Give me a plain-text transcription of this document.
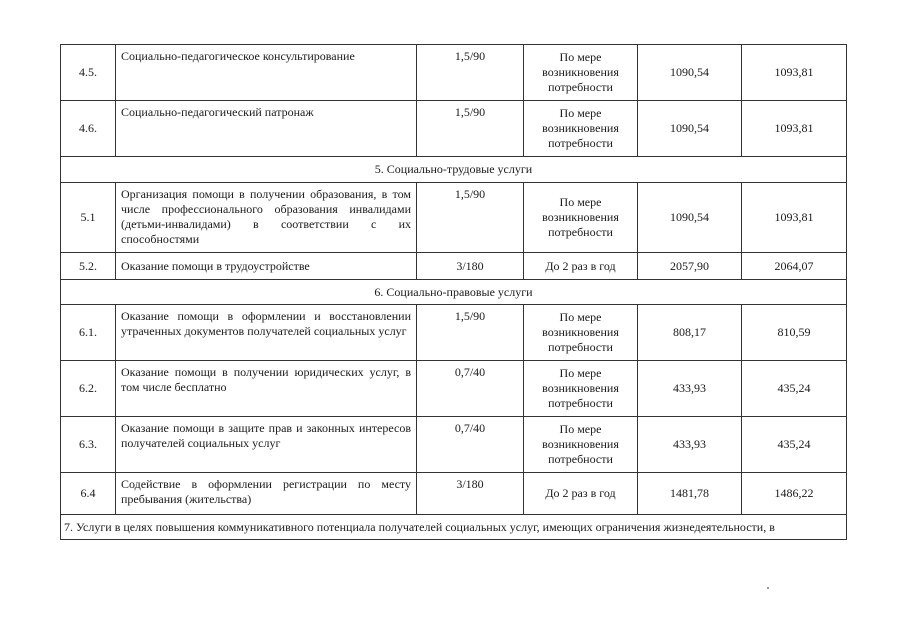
4.5.	Социально-педагогическое консультирование	1,5/90	По мере возникновения потребности	1090,54	1093,81
4.6.	Социально-педагогический патронаж	1,5/90	По мере возникновения потребности	1090,54	1093,81
5. Социально-трудовые услуги					
5.1	Организация помощи в получении образования, в том числе профессионального образования инвалидами (детьми-инвалидами) в соответствии с их способностями	1,5/90	По мере возникновения потребности	1090,54	1093,81
5.2.	Оказание помощи в трудоустройстве	3/180	До 2 раз в год	2057,90	2064,07
6. Социально-правовые услуги					
6.1.	Оказание помощи в оформлении и восстановлении утраченных документов получателей социальных услуг	1,5/90	По мере возникновения потребности	808,17	810,59
6.2.	Оказание помощи в получении юридических услуг, в том числе бесплатно	0,7/40	По мере возникновения потребности	433,93	435,24
6.3.	Оказание помощи в защите прав и законных интересов получателей социальных услуг	0,7/40	По мере возникновения потребности	433,93	435,24
6.4	Содействие в оформлении регистрации по месту пребывания (жительства)	3/180	До 2 раз в год	1481,78	1486,22
7. Услуги в целях повышения коммуникативного потенциала получателей социальных услуг, имеющих ограничения жизнедеятельности, в					
